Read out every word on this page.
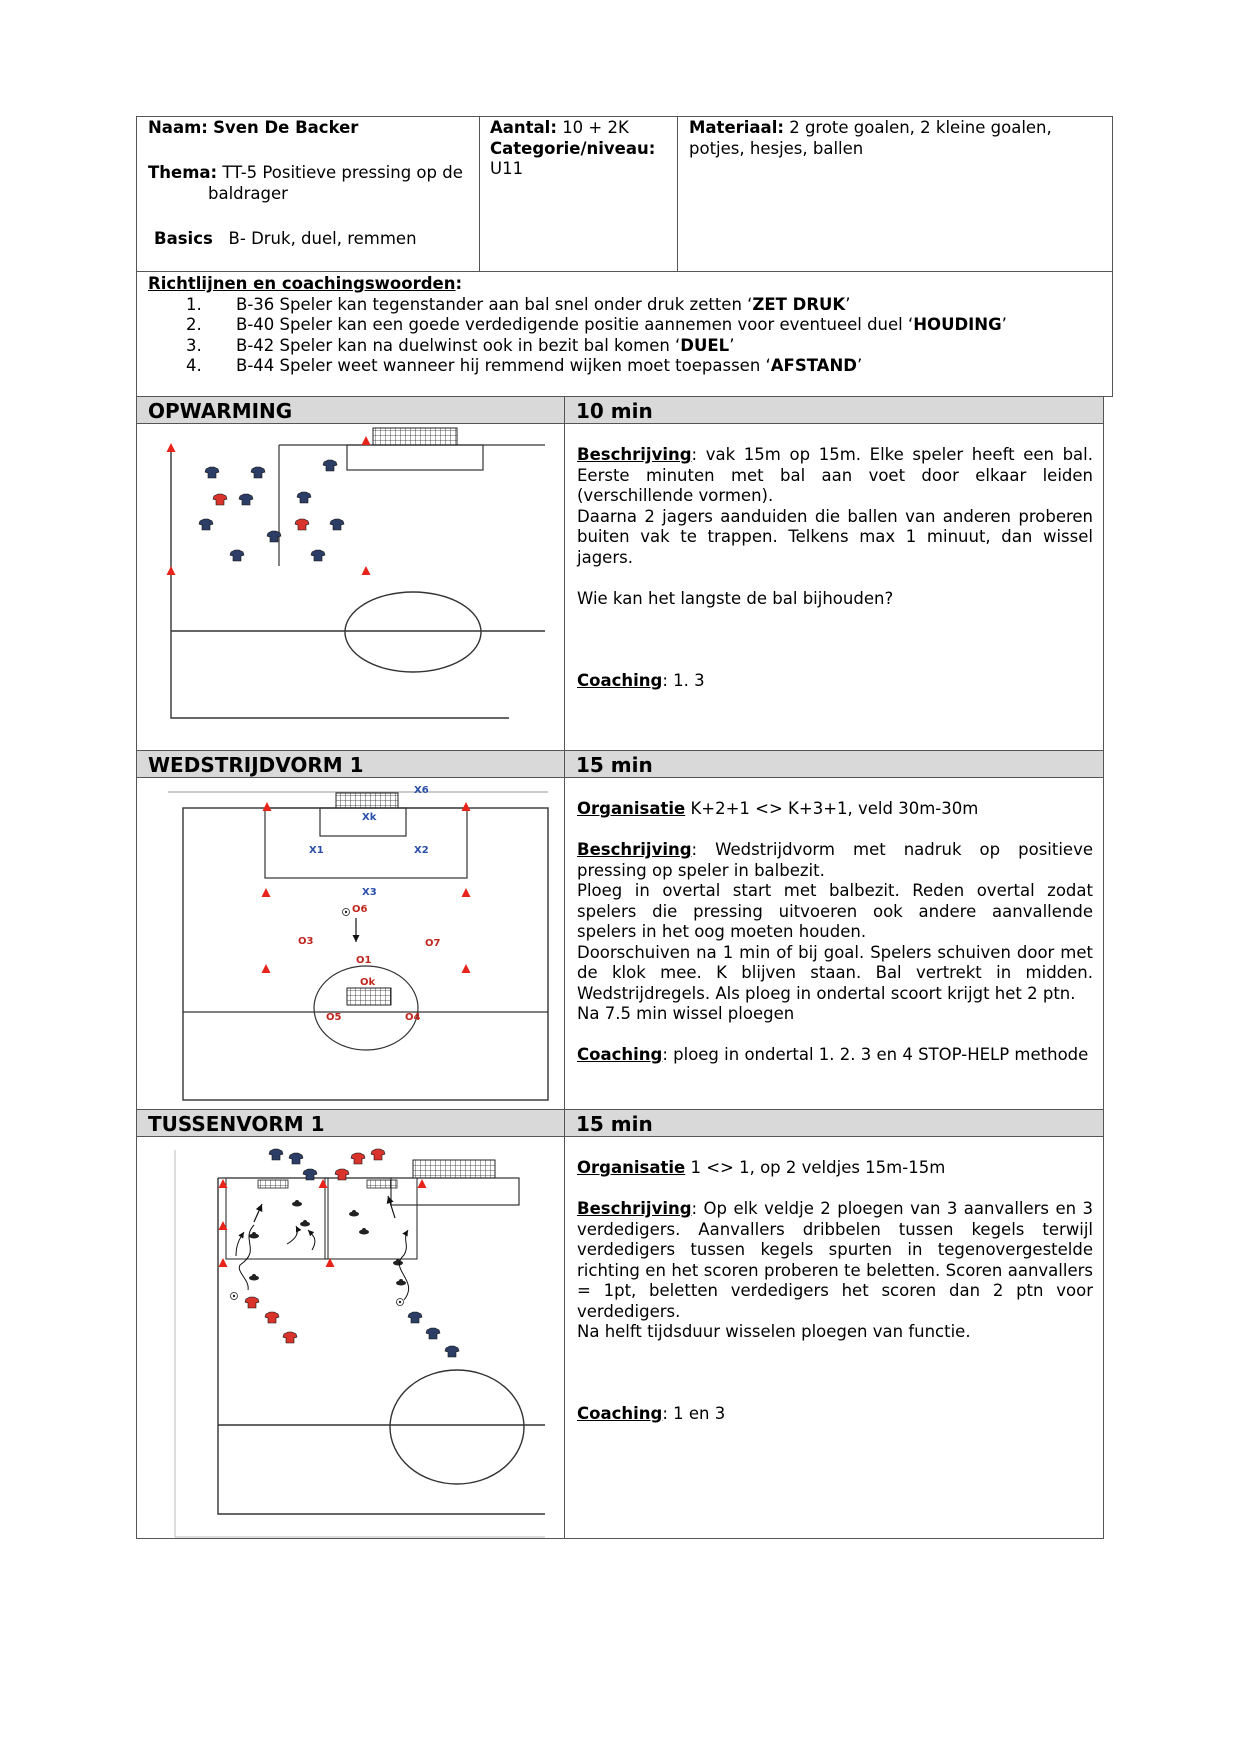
Naam: Sven De Backer
Thema: TT-5 Positieve pressing op de
baldrager
Basics B- Druk, duel, remmen
Aantal: 10 + 2K
Categorie/niveau:
U11
Materiaal: 2 grote goalen, 2 kleine goalen,
potjes, hesjes, ballen
Richtlijnen en coachingswoorden:
1. B-36 Speler kan tegenstander aan bal snel onder druk zetten ‘ZET DRUK’
2. B-40 Speler kan een goede verdedigende positie aannemen voor eventueel duel ‘HOUDING’
3. B-42 Speler kan na duelwinst ook in bezit bal komen ‘DUEL’
4. B-44 Speler weet wanneer hij remmend wijken moet toepassen ‘AFSTAND’
OPWARMING	10 min
WEDSTRIJDVORM 1	15 min
TUSSENVORM 1	15 min

Beschrijving: vak 15m op 15m. Elke speler heeft een bal. Eerste minuten met bal aan voet door elkaar leiden (verschillende vormen).

Daarna 2 jagers aanduiden die ballen van anderen proberen buiten vak te trappen. Telkens max 1 minuut, dan wissel jagers.

Wie kan het langste de bal bijhouden?

Coaching: 1. 3

Organisatie K+2+1 <> K+3+1, veld 30m-30m

Beschrijving: Wedstrijdvorm met nadruk op positieve pressing op speler in balbezit.

Ploeg in overtal start met balbezit. Reden overtal zodat spelers die pressing uitvoeren ook andere aanvallende spelers in het oog moeten houden.

Doorschuiven na 1 min of bij goal. Spelers schuiven door met de klok mee. K blijven staan. Bal vertrekt in midden. Wedstrijdregels. Als ploeg in ondertal scoort krijgt het 2 ptn.

Na 7.5 min wissel ploegen

Coaching: ploeg in ondertal 1. 2. 3 en 4 STOP-HELP methode

Organisatie 1 <> 1, op 2 veldjes 15m-15m

Beschrijving: Op elk veldje 2 ploegen van 3 aanvallers en 3 verdedigers. Aanvallers dribbelen tussen kegels terwijl verdedigers tussen kegels spurten in tegenovergestelde richting en het scoren proberen te beletten. Scoren aanvallers = 1pt, beletten verdedigers het scoren dan 2 ptn voor verdedigers.

Na helft tijdsduur wisselen ploegen van functie.

Coaching: 1 en 3

X6
Xk
X1	X2
X3
O6
O3	O7
O1
Ok
O5	O4
